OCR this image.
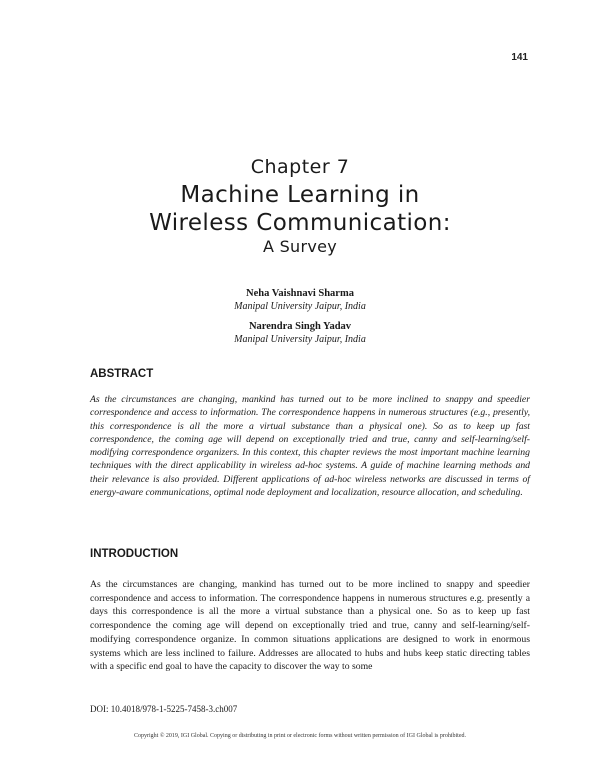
141
Chapter 7
Machine Learning in
Wireless Communication:
A Survey
Neha Vaishnavi Sharma
Manipal University Jaipur, India
Narendra Singh Yadav
Manipal University Jaipur, India
ABSTRACT

As the circumstances are changing, mankind has turned out to be more inclined to snappy and speedier correspondence and access to information. The correspondence happens in numerous structures (e.g., presently, this correspondence is all the more a virtual substance than a physical one). So as to keep up fast correspondence, the coming age will depend on exceptionally tried and true, canny and self-learning/self-modifying correspondence organizers. In this context, this chapter reviews the most important machine learning techniques with the direct applicability in wireless ad-hoc systems. A guide of machine learning methods and their relevance is also provided. Different applications of ad-hoc wireless networks are discussed in terms of energy-aware communications, optimal node deployment and localization, resource allocation, and scheduling.

INTRODUCTION

As the circumstances are changing, mankind has turned out to be more inclined to snappy and speedier correspondence and access to information. The correspondence happens in numerous structures e.g. presently a days this correspondence is all the more a virtual substance than a physical one. So as to keep up fast correspondence the coming age will depend on exceptionally tried and true, canny and self-learning/self-modifying correspondence organize. In common situations applications are designed to work in enormous systems which are less inclined to failure. Addresses are allocated to hubs and hubs keep static directing tables with a specific end goal to have the capacity to discover the way to some

DOI: 10.4018/978-1-5225-7458-3.ch007
Copyright © 2019, IGI Global. Copying or distributing in print or electronic forms without written permission of IGI Global is prohibited.
